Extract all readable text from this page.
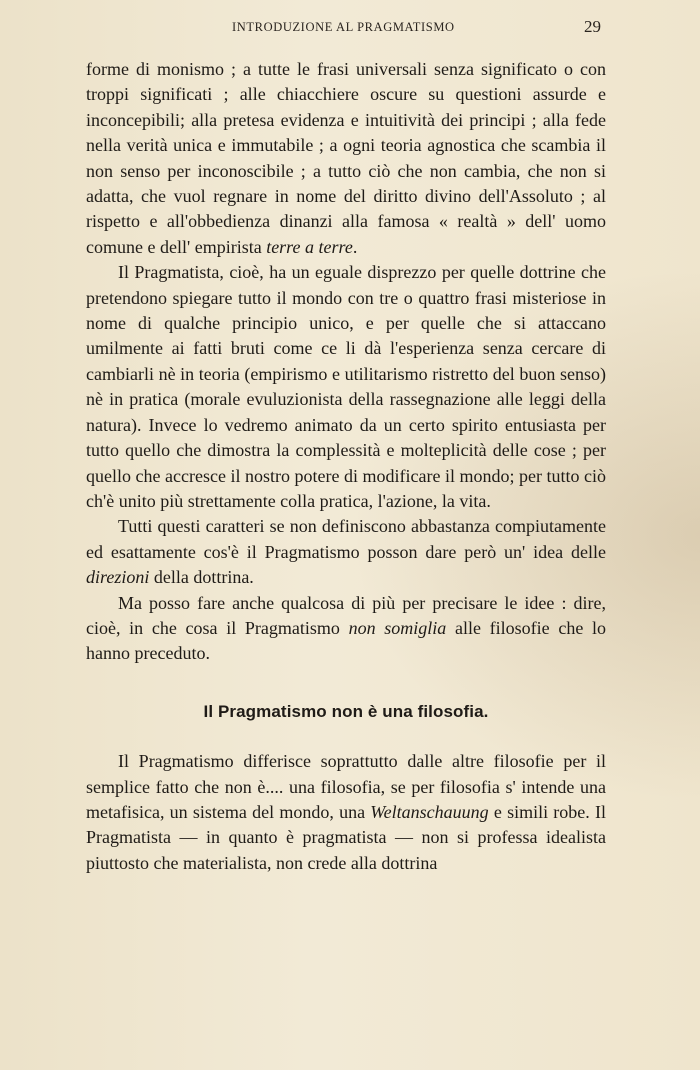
INTRODUZIONE AL PRAGMATISMO	29

forme di monismo ; a tutte le frasi universali senza significato o con troppi significati ; alle chiacchiere oscure su questioni assurde e inconcepibili; alla pretesa evidenza e intuitività dei principi ; alla fede nella verità unica e immutabile ; a ogni teoria agnostica che scambia il non senso per inconoscibile ; a tutto ciò che non cambia, che non si adatta, che vuol regnare in nome del diritto divino dell'Assoluto ; al rispetto e all'obbedienza dinanzi alla famosa « realtà » dell' uomo comune e dell' empirista terre a terre.

Il Pragmatista, cioè, ha un eguale disprezzo per quelle dottrine che pretendono spiegare tutto il mondo con tre o quattro frasi misteriose in nome di qualche principio unico, e per quelle che si attaccano umilmente ai fatti bruti come ce li dà l'esperienza senza cercare di cambiarli nè in teoria (empirismo e utilitarismo ristretto del buon senso) nè in pratica (morale evuluzionista della rassegnazione alle leggi della natura). Invece lo vedremo animato da un certo spirito entusiasta per tutto quello che dimostra la complessità e molteplicità delle cose ; per quello che accresce il nostro potere di modificare il mondo; per tutto ciò ch'è unito più strettamente colla pratica, l'azione, la vita.

Tutti questi caratteri se non definiscono abbastanza compiutamente ed esattamente cos'è il Pragmatismo posson dare però un' idea delle direzioni della dottrina.

Ma posso fare anche qualcosa di più per precisare le idee : dire, cioè, in che cosa il Pragmatismo non somiglia alle filosofie che lo hanno preceduto.

Il Pragmatismo non è una filosofia.

Il Pragmatismo differisce soprattutto dalle altre filosofie per il semplice fatto che non è.... una filosofia, se per filosofia s' intende una metafisica, un sistema del mondo, una Weltanschauung e simili robe. Il Pragmatista — in quanto è pragmatista — non si professa idealista piuttosto che materialista, non crede alla dottrina
